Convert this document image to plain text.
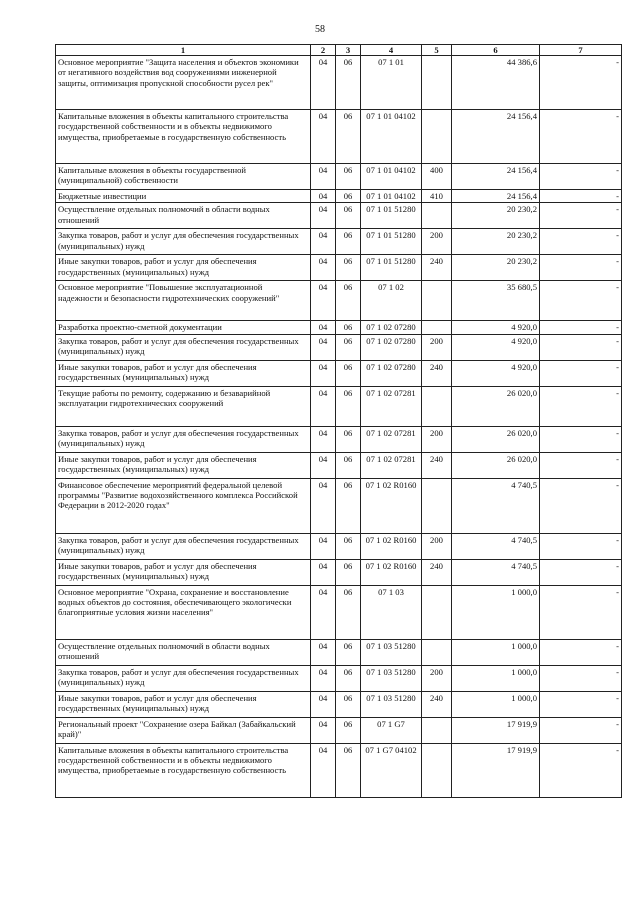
58
1	2	3	4	5	6	7
Основное мероприятие "Защита населения и объектов экономики от негативного воздействия вод сооружениями инженерной защиты, оптимизация пропускной способности русел рек"	04	06	07 1 01		44 386,6	-
Капитальные вложения в объекты капитального строительства государственной собственности и в объекты недвижимого имущества, приобретаемые в государственную собственность	04	06	07 1 01 04102		24 156,4	-
Капитальные вложения в объекты государственной (муниципальной) собственности	04	06	07 1 01 04102	400	24 156,4	-
Бюджетные инвестиции	04	06	07 1 01 04102	410	24 156,4	-
Осуществление отдельных полномочий в области водных отношений	04	06	07 1 01 51280		20 230,2	-
Закупка товаров, работ и услуг для обеспечения государственных (муниципальных) нужд	04	06	07 1 01 51280	200	20 230,2	-
Иные закупки товаров, работ и услуг для обеспечения государственных (муниципальных) нужд	04	06	07 1 01 51280	240	20 230,2	-
Основное мероприятие "Повышение эксплуатационной надежности и безопасности гидротехнических сооружений"	04	06	07 1 02		35 680,5	-
Разработка проектно-сметной документации	04	06	07 1 02 07280		4 920,0	-
Закупка товаров, работ и услуг для обеспечения государственных (муниципальных) нужд	04	06	07 1 02 07280	200	4 920,0	-
Иные закупки товаров, работ и услуг для обеспечения государственных (муниципальных) нужд	04	06	07 1 02 07280	240	4 920,0	-
Текущие работы по ремонту, содержанию и безаварийной эксплуатации гидротехнических сооружений	04	06	07 1 02 07281		26 020,0	-
Закупка товаров, работ и услуг для обеспечения государственных (муниципальных) нужд	04	06	07 1 02 07281	200	26 020,0	-
Иные закупки товаров, работ и услуг для обеспечения государственных (муниципальных) нужд	04	06	07 1 02 07281	240	26 020,0	-
Финансовое обеспечение мероприятий федеральной целевой программы "Развитие водохозяйственного комплекса Российской Федерации в 2012-2020 годах"	04	06	07 1 02 R0160		4 740,5	-
Закупка товаров, работ и услуг для обеспечения государственных (муниципальных) нужд	04	06	07 1 02 R0160	200	4 740,5	-
Иные закупки товаров, работ и услуг для обеспечения государственных (муниципальных) нужд	04	06	07 1 02 R0160	240	4 740,5	-
Основное мероприятие "Охрана, сохранение и восстановление водных объектов до состояния, обеспечивающего экологически благоприятные условия жизни населения"	04	06	07 1 03		1 000,0	-
Осуществление отдельных полномочий в области водных отношений	04	06	07 1 03 51280		1 000,0	-
Закупка товаров, работ и услуг для обеспечения государственных (муниципальных) нужд	04	06	07 1 03 51280	200	1 000,0	-
Иные закупки товаров, работ и услуг для обеспечения государственных (муниципальных) нужд	04	06	07 1 03 51280	240	1 000,0	-
Региональный проект "Сохранение озера Байкал (Забайкальский край)"	04	06	07 1 G7		17 919,9	-
Капитальные вложения в объекты капитального строительства государственной собственности и в объекты недвижимого имущества, приобретаемые в государственную собственность	04	06	07 1 G7 04102		17 919,9	-
